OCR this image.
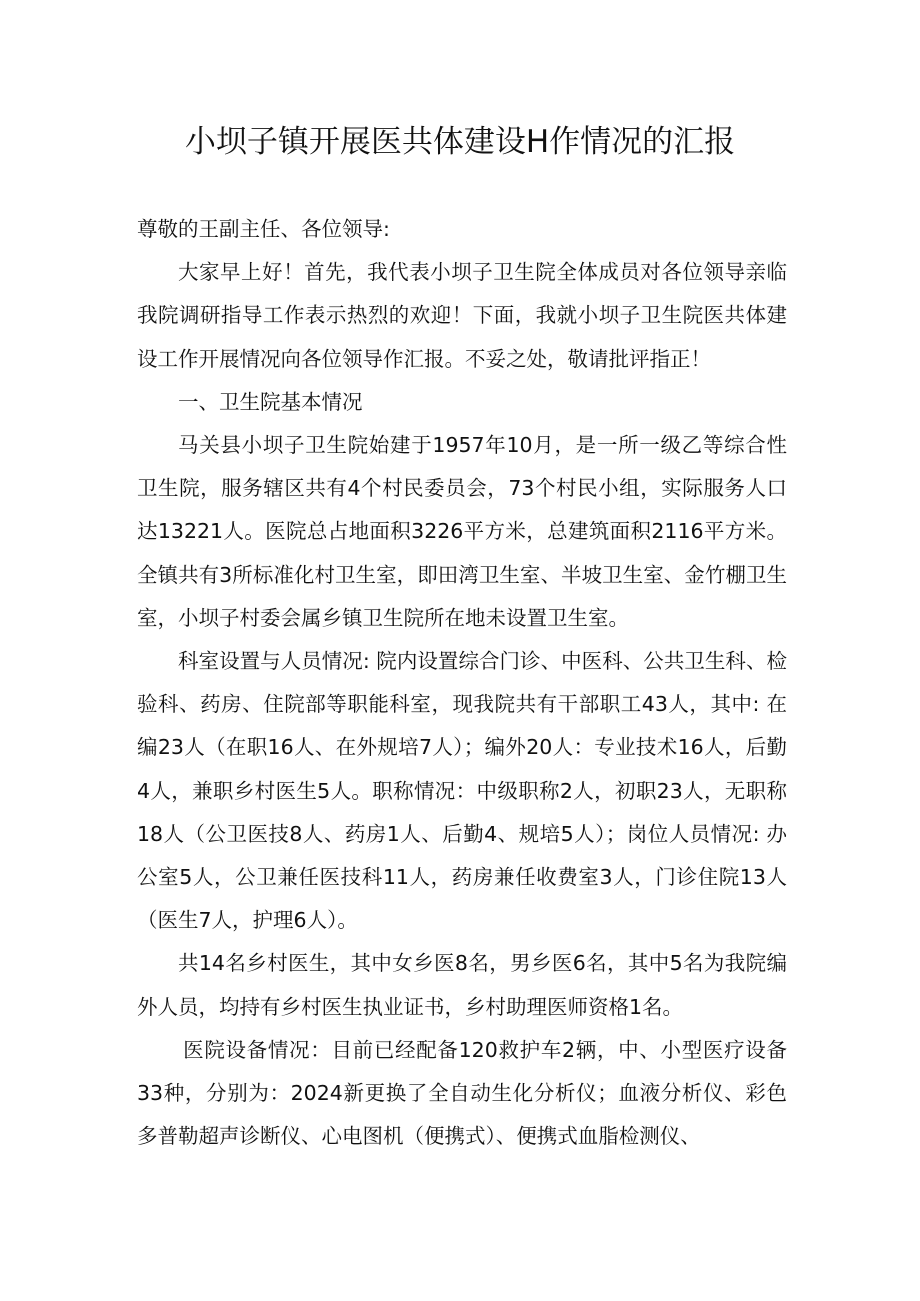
小坝子镇开展医共体建设H作情况的汇报

尊敬的王副主任、各位领导:

大家早上好！首先，我代表小坝子卫生院全体成员对各位领导亲临我院调研指导工作表示热烈的欢迎！下面，我就小坝子卫生院医共体建设工作开展情况向各位领导作汇报。不妥之处，敬请批评指正！

一、卫生院基本情况

马关县小坝子卫生院始建于1957年10月，是一所一级乙等综合性卫生院，服务辖区共有4个村民委员会，73个村民小组，实际服务人口达13221人。医院总占地面积3226平方米，总建筑面积2116平方米。全镇共有3所标准化村卫生室，即田湾卫生室、半坡卫生室、金竹棚卫生室，小坝子村委会属乡镇卫生院所在地未设置卫生室。

科室设置与人员情况: 院内设置综合门诊、中医科、公共卫生科、检验科、药房、住院部等职能科室，现我院共有干部职工43人，其中: 在编23人（在职16人、在外规培7人）；编外20人：专业技术16人，后勤4人，兼职乡村医生5人。职称情况：中级职称2人，初职23人，无职称18人（公卫医技8人、药房1人、后勤4、规培5人）；岗位人员情况: 办公室5人，公卫兼任医技科11人，药房兼任收费室3人，门诊住院13人（医生7人，护理6人）。

共14名乡村医生，其中女乡医8名，男乡医6名，其中5名为我院编外人员，均持有乡村医生执业证书，乡村助理医师资格1名。

医院设备情况：目前已经配备120救护车2辆，中、小型医疗设备33种，分别为：2024新更换了全自动生化分析仪；血液分析仪、彩色多普勒超声诊断仪、心电图机（便携式）、便携式血脂检测仪、
